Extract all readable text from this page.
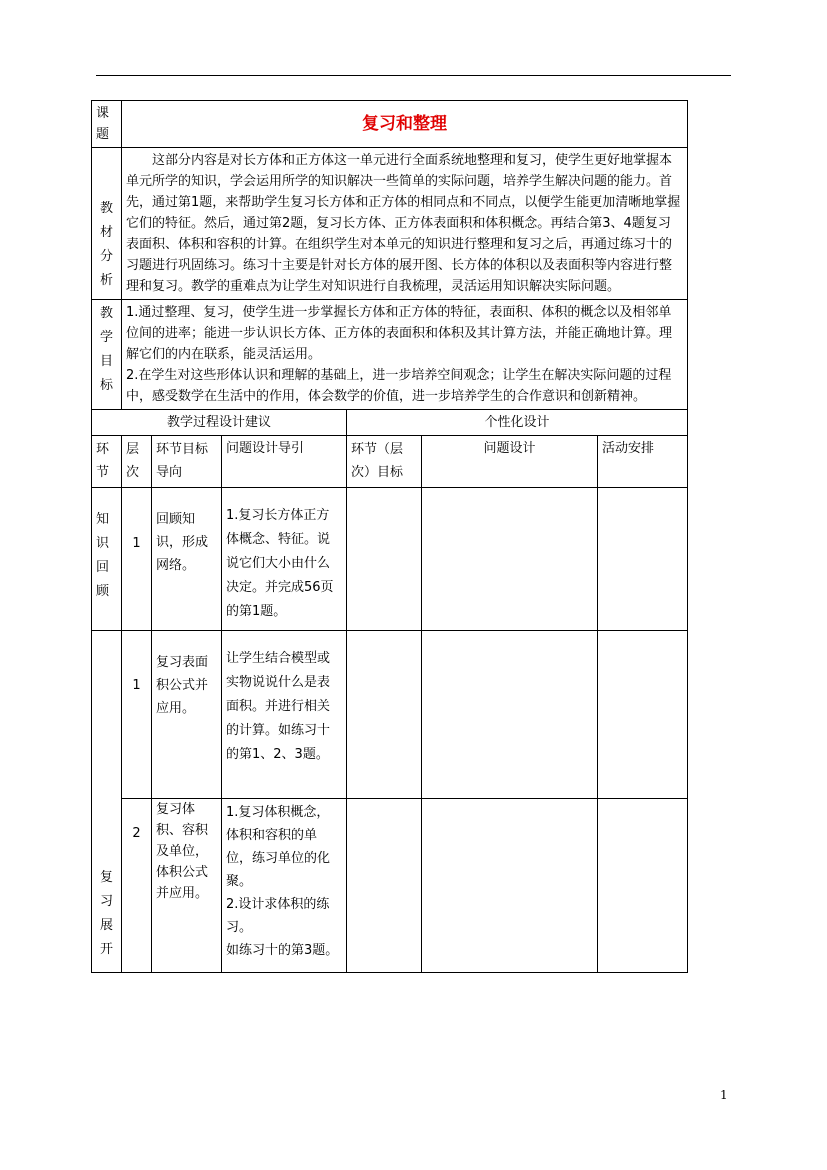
课题	复习和整理					
教材分析	这部分内容是对长方体和正方体这一单元进行全面系统地整理和复习，使学生更好地掌握本单元所学的知识，学会运用所学的知识解决一些简单的实际问题，培养学生解决问题的能力。首先，通过第1题，来帮助学生复习长方体和正方体的相同点和不同点，以便学生能更加清晰地掌握它们的特征。然后，通过第2题，复习长方体、正方体表面积和体积概念。再结合第3、4题复习表面积、体积和容积的计算。在组织学生对本单元的知识进行整理和复习之后，再通过练习十的习题进行巩固练习。练习十主要是针对长方体的展开图、长方体的体积以及表面积等内容进行整理和复习。教学的重难点为让学生对知识进行自我梳理，灵活运用知识解决实际问题。					

教学目标	1.通过整理、复习，使学生进一步掌握长方体和正方体的特征，表面积、体积的概念以及相邻单位间的进率；能进一步认识长方体、正方体的表面积和体积及其计算方法，并能正确地计算。理解它们的内在联系，能灵活运用。
2.在学生对这些形体认识和理解的基础上，进一步培养空间观念；让学生在解决实际问题的过程中，感受数学在生活中的作用，体会数学的价值，进一步培养学生的合作意识和创新精神。					

教学过程设计建议				个性化设计		
环节	层次	环节目标导向	问题设计导引	环节（层次）目标	问题设计	活动安排
知识回顾	1	回顾知识，形成网络。	1.复习长方体正方体概念、特征。说说它们大小由什么决定。并完成56页的第1题。			
复习展开	1	复习表面积公式并应用。	让学生结合模型或实物说说什么是表面积。并进行相关的计算。如练习十的第1、2、3题。			
	2	复习体积、容积及单位，体积公式并应用。	1.复习体积概念，体积和容积的单位，练习单位的化聚。
2.设计求体积的练习。
如练习十的第3题。			

1
